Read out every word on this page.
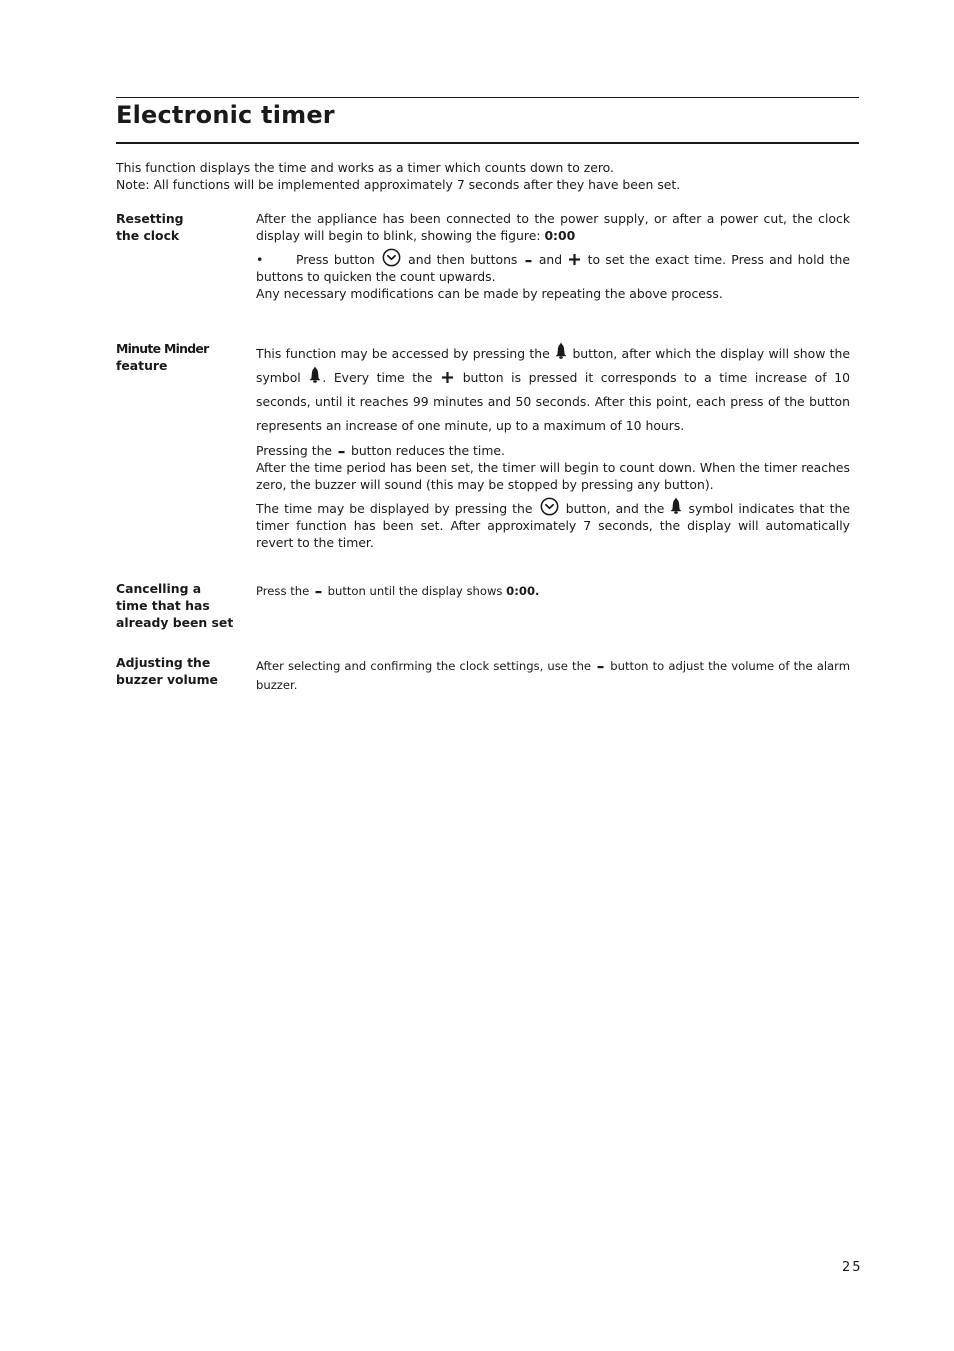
Electronic timer
This function displays the time and works as a timer which counts down to zero.
Note: All functions will be implemented approximately 7 seconds after they have been set.
Resetting
the clock

After the appliance has been connected to the power supply, or after a power cut, the clock display will begin to blink, showing the figure: 0:00

•	Press button	and then buttons and to set the exact time. Press and hold the buttons to quicken the count upwards.

Any necessary modifications can be made by repeating the above process.

Minute Minder
feature

This function may be accessed by pressing the button, after which the display will show the symbol . Every time the button is pressed it corresponds to a time increase of 10 seconds, until it reaches 99 minutes and 50 seconds. After this point, each press of the button represents an increase of one minute, up to a maximum of 10 hours.

Pressing the button reduces the time.

After the time period has been set, the timer will begin to count down. When the timer reaches zero, the buzzer will sound (this may be stopped by pressing any button).

The time may be displayed by pressing the	button, and the symbol indicates that the timer function has been set. After approximately 7 seconds, the display will automatically revert to the timer.

Cancelling a
time that has
already been set

Press the button until the display shows 0:00.

Adjusting the
buzzer volume

After selecting and confirming the clock settings, use the button to adjust the volume of the alarm buzzer.

25
